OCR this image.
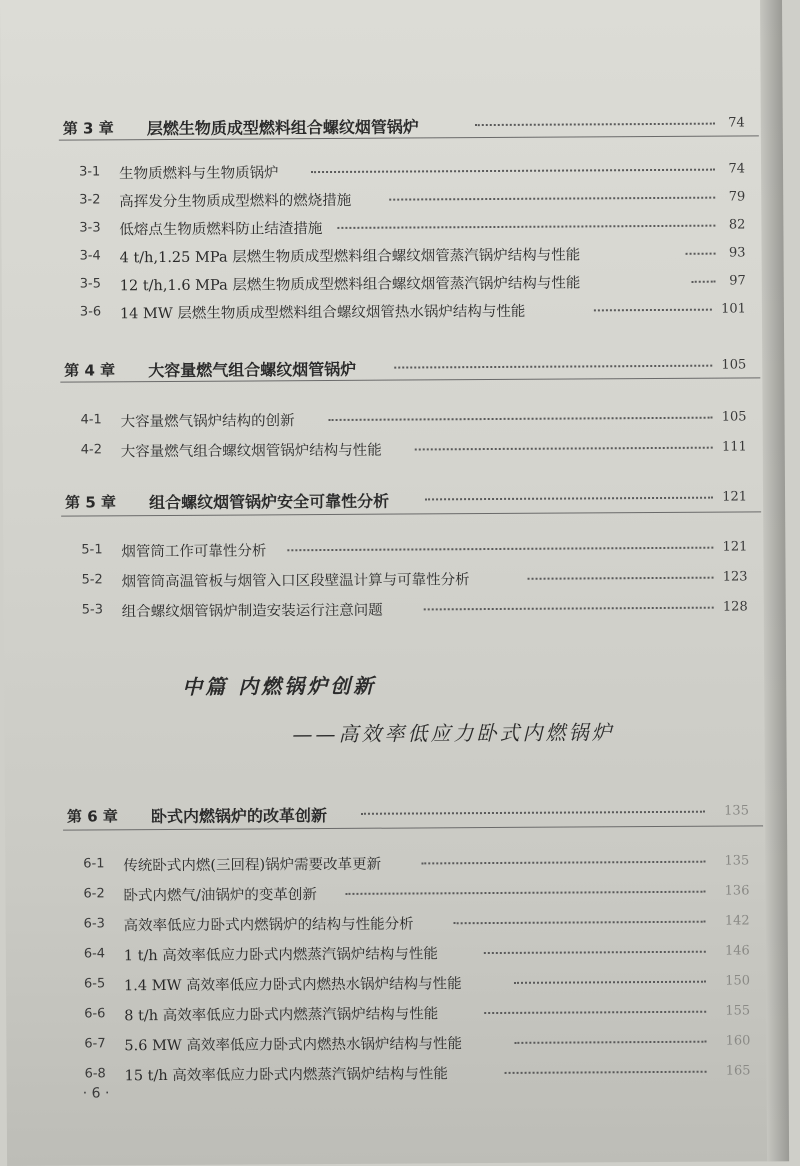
第 3 章 层燃生物质成型燃料组合螺纹烟管锅炉	74
3-1 生物质燃料与生物质锅炉	74
3-2 高挥发分生物质成型燃料的燃烧措施	79
3-3 低熔点生物质燃料防止结渣措施	82
3-4 4 t/h,1.25 MPa 层燃生物质成型燃料组合螺纹烟管蒸汽锅炉结构与性能	93
3-5 12 t/h,1.6 MPa 层燃生物质成型燃料组合螺纹烟管蒸汽锅炉结构与性能	97
3-6 14 MW 层燃生物质成型燃料组合螺纹烟管热水锅炉结构与性能	101
第 4 章 大容量燃气组合螺纹烟管锅炉	105
4-1 大容量燃气锅炉结构的创新	105
4-2 大容量燃气组合螺纹烟管锅炉结构与性能	111
第 5 章 组合螺纹烟管锅炉安全可靠性分析	121
5-1 烟管筒工作可靠性分析	121
5-2 烟管筒高温管板与烟管入口区段壁温计算与可靠性分析	123
5-3 组合螺纹烟管锅炉制造安装运行注意问题	128
中篇 内燃锅炉创新
——高效率低应力卧式内燃锅炉
第 6 章 卧式内燃锅炉的改革创新	135
6-1 传统卧式内燃(三回程)锅炉需要改革更新	135
6-2 卧式内燃气/油锅炉的变革创新	136
6-3 高效率低应力卧式内燃锅炉的结构与性能分析	142
6-4 1 t/h 高效率低应力卧式内燃蒸汽锅炉结构与性能	146
6-5 1.4 MW 高效率低应力卧式内燃热水锅炉结构与性能	150
6-6 8 t/h 高效率低应力卧式内燃蒸汽锅炉结构与性能	155
6-7 5.6 MW 高效率低应力卧式内燃热水锅炉结构与性能	160
6-8 15 t/h 高效率低应力卧式内燃蒸汽锅炉结构与性能	165
· 6 ·
